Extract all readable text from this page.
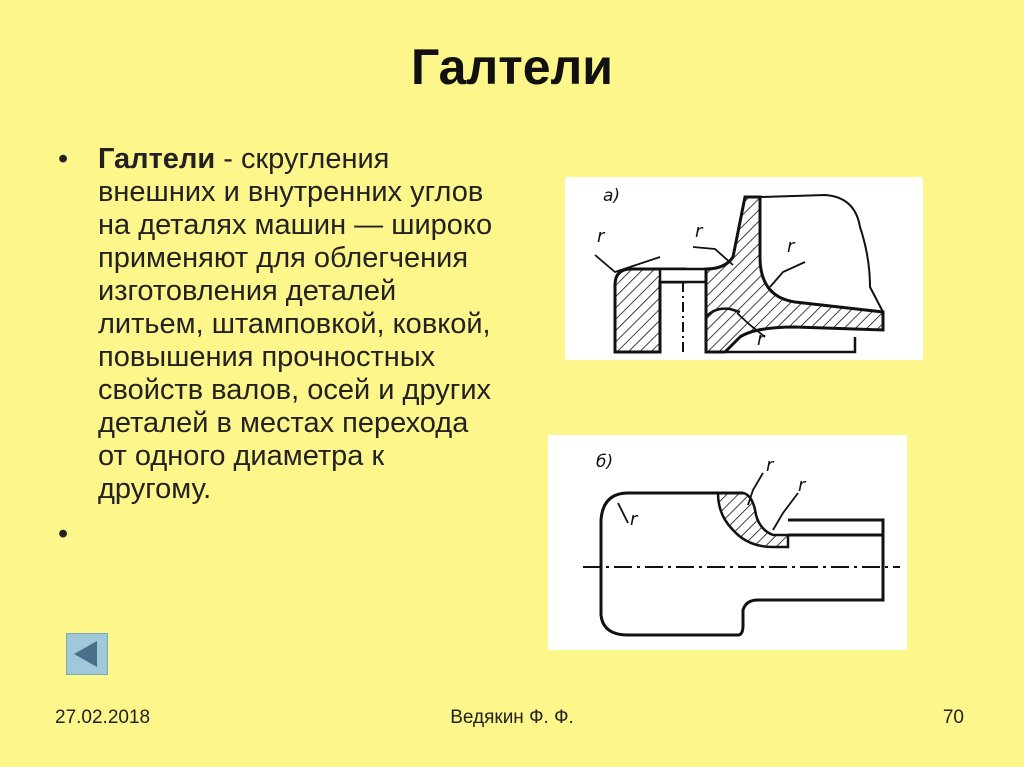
Галтели
• Галтели - скругления внешних и внутренних углов на деталях машин — широко применяют для облегчения изготовления деталей литьем, штамповкой, ковкой, повышения прочностных свойств валов, осей и других деталей в местах перехода от одного диаметра к другому.
•
а)
r	r
r
r
б)
r
r
r
27.02.2018	Ведякин Ф. Ф.	70
